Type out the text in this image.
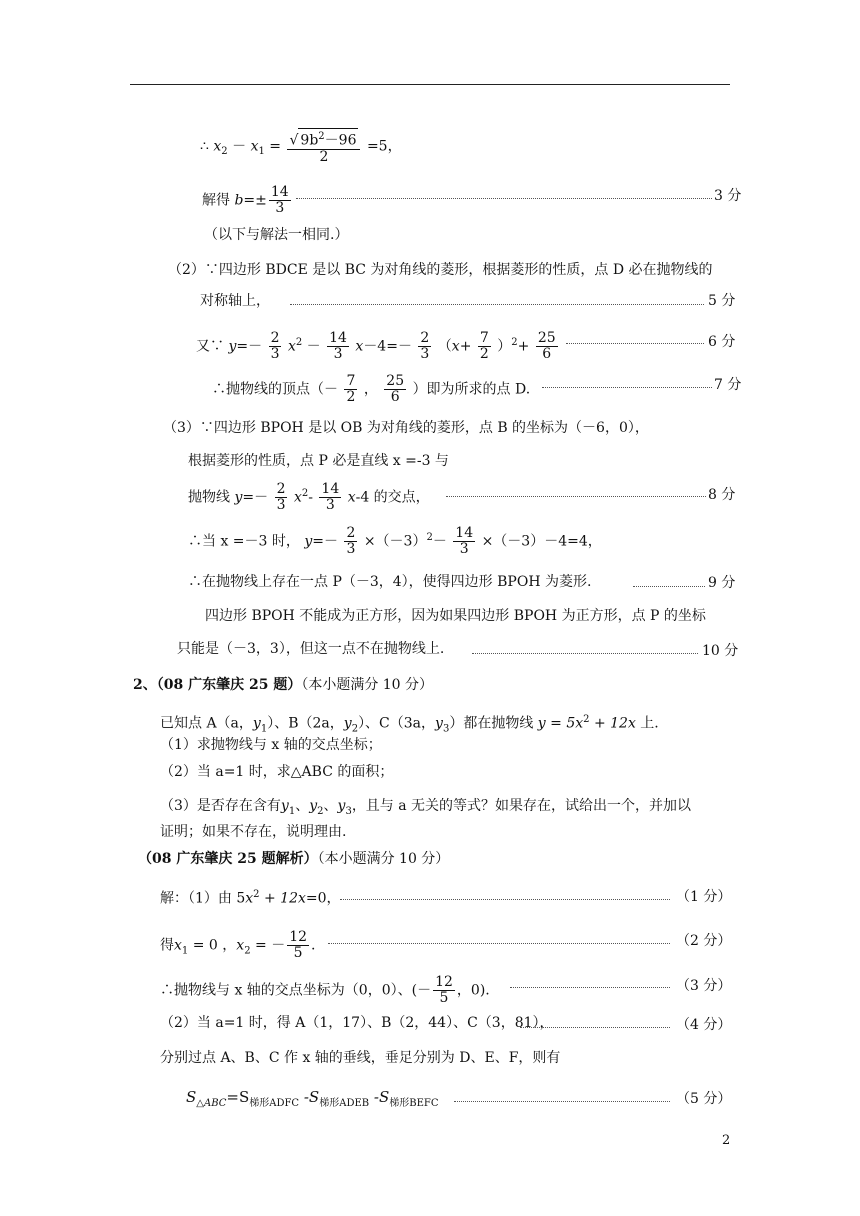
∴ $x_2 - x_1 = \frac{√ 9b^2-96}{2} =5$，
解得 $b=\pm \frac{14}{3}$	3 分
（以下与解法一相同.）
（2）∵四边形 BDCE 是以 BC 为对角线的菱形，根据菱形的性质，点 D 必在抛物线的
对称轴上，	5 分
又∵ $y=- \frac{2}{3} x^2 - \frac{14}{3} x-4=- \frac{2}{3} (x+ \frac{7}{2} )^2+ \frac{25}{6}$	6 分
∴抛物线的顶点（－ $\frac{7}{2}$ ， $\frac{25}{6}$ ）即为所求的点 D.	7 分
（3）∵四边形 BPOH 是以 OB 为对角线的菱形，点 B 的坐标为（－6，0），
根据菱形的性质，点 P 必是直线 x =-3 与
抛物线 $y=- \frac{2}{3} x^2- \frac{14}{3} x-4$ 的交点，	8 分
∴当 x =－3 时， $y=- \frac{2}{3} \times(-3)^2- \frac{14}{3} \times(-3)-4=4$，
∴在抛物线上存在一点 P（－3，4），使得四边形 BPOH 为菱形.	9 分
四边形 BPOH 不能成为正方形，因为如果四边形 BPOH 为正方形，点 P 的坐标
只能是（－3，3），但这一点不在抛物线上.	10 分
2、（08 广东肇庆 25 题）（本小题满分 10 分）
已知点 A（a，$y_1$）、B（2a，$y_2$）、C（3a，$y_3$）都在抛物线 $y = 5x^2 + 12x$ 上.
（1）求抛物线与 x 轴的交点坐标；
（2）当 a=1 时，求△ABC 的面积；
（3）是否存在含有$y_1$、$y_2$、$y_3$，且与 a 无关的等式？如果存在，试给出一个，并加以
证明；如果不存在，说明理由.
（08 广东肇庆 25 题解析）（本小题满分 10 分）
解：（1）由 $5x^2 + 12x=0$，	（1 分）
得$x_1 = 0$ ，$x_2$ = － $\frac{12}{5}$ .	（2 分）
∴抛物线与 x 轴的交点坐标为（0，0）、(－ $\frac{12}{5}$ ，0).	（3 分）
（2）当 a=1 时，得 A（1，17）、B（2，44）、C（3，81），	（4 分）
分别过点 A、B、C 作 x 轴的垂线，垂足分别为 D、E、F，则有
$S_{\triangle ABC}=S_{梯形ADFC}$ $-S_{梯形ADEB}$ $-S_{梯形BEFC}$	（5 分）
2
